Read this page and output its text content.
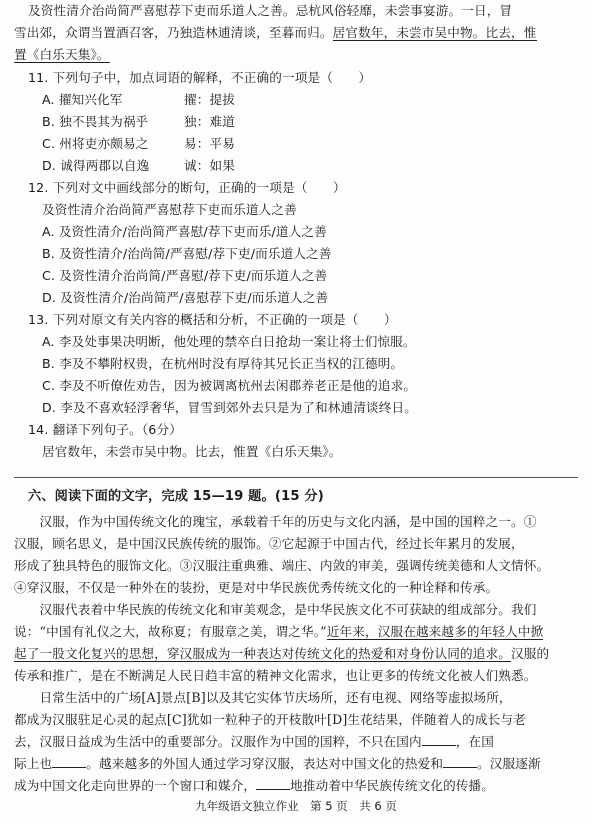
及资性清介治尚简严喜慰荐下吏而乐道人之善。忌杭风俗轻靡，未尝事宴游。一日，冒
雪出郊，众谓当置酒召客，乃独造林逋清谈，至暮而归。居官数年，未尝市吴中物。比去，惟
置《白乐天集》。
11. 下列句子中，加点词语的解释，不正确的一项是（　　）
A. 擢知兴化军	擢：提拔
B. 独不畏其为祸乎	独：难道
C. 州将吏亦颇易之	易：平易
D. 诚得两郡以自逸	诚：如果
12. 下列对文中画线部分的断句，正确的一项是（　　）
及资性清介治尚简严喜慰荐下吏而乐道人之善
A. 及资性清介/治尚简严喜慰/荐下吏而乐/道人之善
B. 及资性清介/治尚简/严喜慰/荐下吏/而乐道人之善
C. 及资性清介治尚简/严喜慰/荐下吏/而乐道人之善
D. 及资性清介/治尚简严/喜慰荐下吏/而乐道人之善
13. 下列对原文有关内容的概括和分析，不正确的一项是（　　）
A. 李及处事果决明断，他处理的禁卒白日抢劫一案让将士们惊服。
B. 李及不攀附权贵，在杭州时没有厚待其兄长正当权的江德明。
C. 李及不听僚佐劝告，因为被调离杭州去闲郡养老正是他的追求。
D. 李及不喜欢轻浮奢华，冒雪到郊外去只是为了和林逋清谈终日。
14. 翻译下列句子。（6分）
居官数年，未尝市吴中物。比去，惟置《白乐天集》。
六、阅读下面的文字，完成 15—19 题。(15 分)
　　汉服，作为中国传统文化的瑰宝，承载着千年的历史与文化内涵，是中国的国粹之一。①
汉服，顾名思义，是中国汉民族传统的服饰。②它起源于中国古代，经过长年累月的发展，
形成了独具特色的服饰文化。③汉服注重典雅、端庄、内敛的审美，强调传统美德和人文情怀。
④穿汉服，不仅是一种外在的装扮，更是对中华民族优秀传统文化的一种诠释和传承。
　　汉服代表着中华民族的传统文化和审美观念，是中华民族文化不可获缺的组成部分。我们
说：“中国有礼仪之大，故称夏；有服章之美，谓之华。”近年来，汉服在越来越多的年轻人中掀
起了一股文化复兴的思想，穿汉服成为一种表达对传统文化的热爱和对身份认同的追求。汉服的
传承和推广，是在不断满足人民日趋丰富的精神文化需求，也让更多的传统文化被人们熟悉。
　　日常生活中的广场[A]景点[B]以及其它实体节庆场所，还有电视、网络等虚拟场所，
都成为汉服驻足心灵的起点[C]犹如一粒种子的开枝散叶[D]生花结果，伴随着人的成长与老
去，汉服日益成为生活中的重要部分。汉服作为中国的国粹，不只在国内	，在国
际上也	。越来越多的外国人通过学习穿汉服，表达对中国文化的热爱和	。汉服逐渐
成为中国文化走向世界的一个窗口和媒介，	地推动着中华民族传统文化的传播。
九年级语文独立作业　第 5 页　共 6 页
